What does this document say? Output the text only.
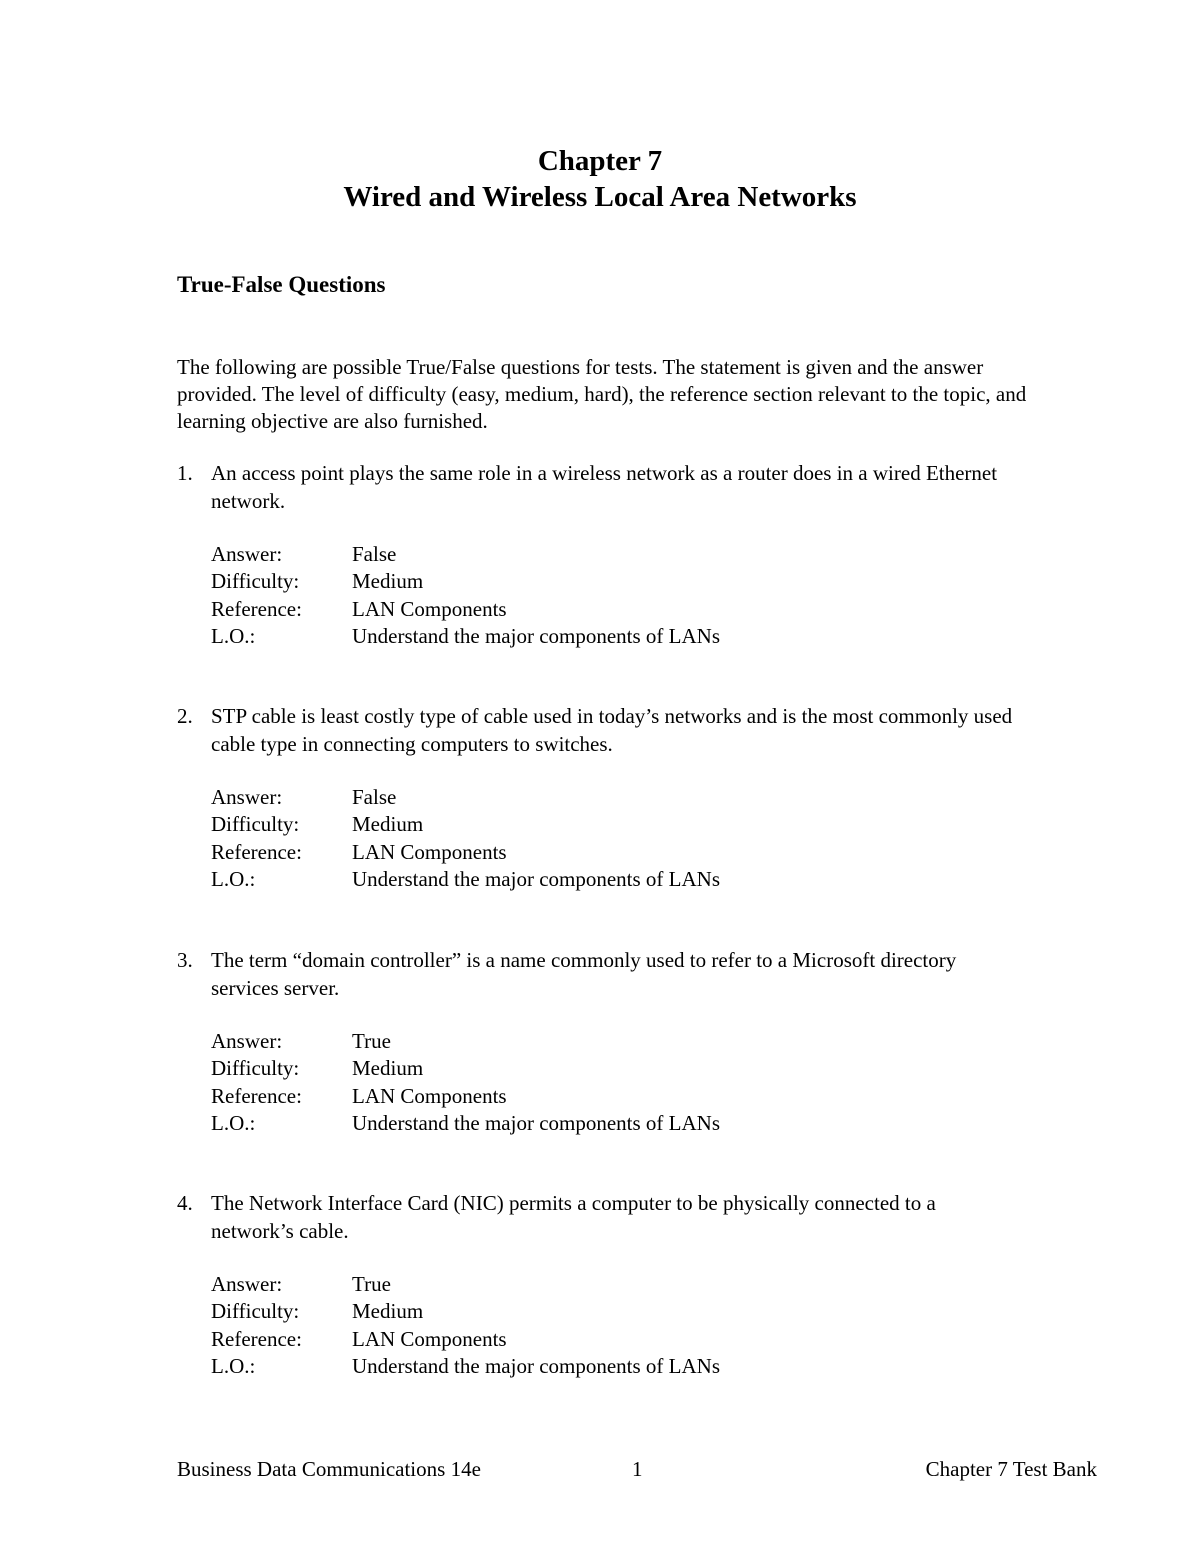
Chapter 7
Wired and Wireless Local Area Networks
True-False Questions

The following are possible True/False questions for tests. The statement is given and the answer provided. The level of difficulty (easy, medium, hard), the reference section relevant to the topic, and learning objective are also furnished.

1. An access point plays the same role in a wireless network as a router does in a wired Ethernet network.
Answer:	False
Difficulty:	Medium
Reference:	LAN Components
L.O.:	Understand the major components of LANs
2. STP cable is least costly type of cable used in today’s networks and is the most commonly used cable type in connecting computers to switches.
Answer:	False
Difficulty:	Medium
Reference:	LAN Components
L.O.:	Understand the major components of LANs
3. The term “domain controller” is a name commonly used to refer to a Microsoft directory services server.
Answer:	True
Difficulty:	Medium
Reference:	LAN Components
L.O.:	Understand the major components of LANs
4. The Network Interface Card (NIC) permits a computer to be physically connected to a network’s cable.
Answer:	True
Difficulty:	Medium
Reference:	LAN Components
L.O.:	Understand the major components of LANs
Business Data Communications 14e	1	Chapter 7 Test Bank
